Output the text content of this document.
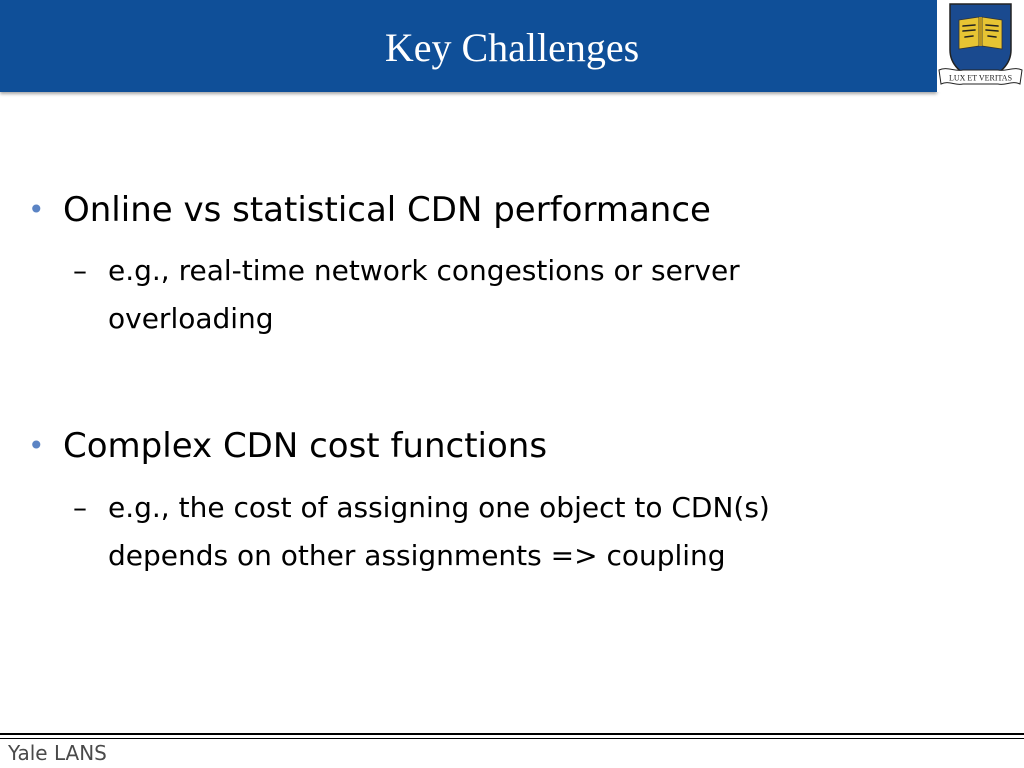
Key Challenges
LUX ET VERITAS
• Online vs statistical CDN performance
– e.g., real-time network congestions or server overloading
• Complex CDN cost functions
– e.g., the cost of assigning one object to CDN(s) depends on other assignments => coupling
Yale LANS
